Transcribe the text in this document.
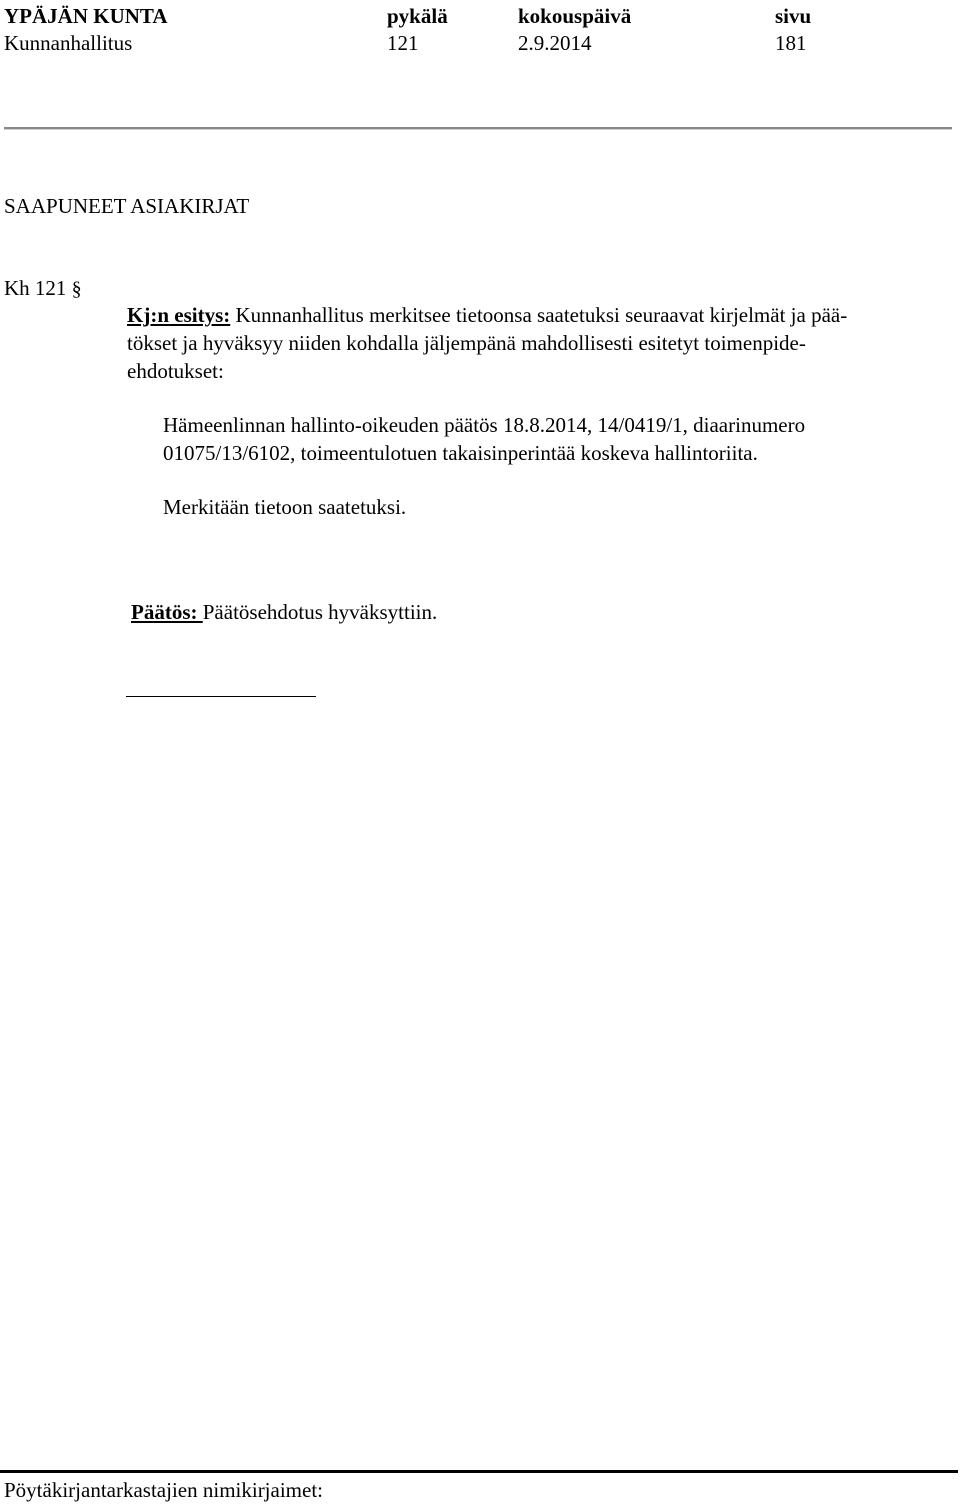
YPÄJÄN KUNTA	pykälä	kokouspäivä	sivu
Kunnanhallitus	121	2.9.2014	181
SAAPUNEET ASIAKIRJAT
Kh 121 §
Kj:n esitys: Kunnanhallitus merkitsee tietoonsa saatetuksi seuraavat kirjelmät ja pää-
tökset ja hyväksyy niiden kohdalla jäljempänä mahdollisesti esitetyt toimenpide-
ehdotukset:
Hämeenlinnan hallinto-oikeuden päätös 18.8.2014, 14/0419/1, diaarinumero
01075/13/6102, toimeentulotuen takaisinperintää koskeva hallintoriita.
Merkitään tietoon saatetuksi.
Päätös: Päätösehdotus hyväksyttiin.
Pöytäkirjantarkastajien nimikirjaimet:
